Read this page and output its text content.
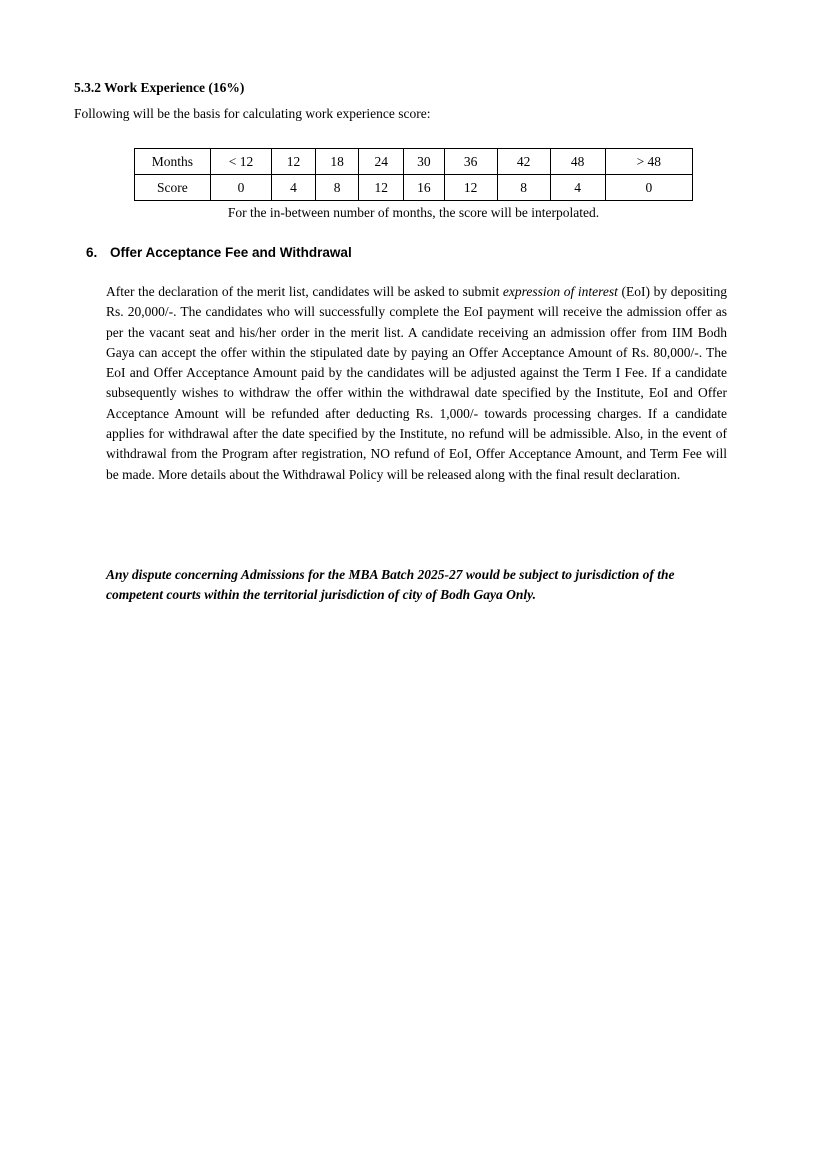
5.3.2 Work Experience (16%)
Following will be the basis for calculating work experience score:
Months	< 12	12	18	24	30	36	42	48	> 48
Score	0	4	8	12	16	12	8	4	0
For the in-between number of months, the score will be interpolated.
6. Offer Acceptance Fee and Withdrawal
After the declaration of the merit list, candidates will be asked to submit expression of interest (EoI) by depositing Rs. 20,000/-. The candidates who will successfully complete the EoI payment will receive the admission offer as per the vacant seat and his/her order in the merit list. A candidate receiving an admission offer from IIM Bodh Gaya can accept the offer within the stipulated date by paying an Offer Acceptance Amount of Rs. 80,000/-. The EoI and Offer Acceptance Amount paid by the candidates will be adjusted against the Term I Fee. If a candidate subsequently wishes to withdraw the offer within the withdrawal date specified by the Institute, EoI and Offer Acceptance Amount will be refunded after deducting Rs. 1,000/- towards processing charges. If a candidate applies for withdrawal after the date specified by the Institute, no refund will be admissible. Also, in the event of withdrawal from the Program after registration, NO refund of EoI, Offer Acceptance Amount, and Term Fee will be made. More details about the Withdrawal Policy will be released along with the final result declaration.
Any dispute concerning Admissions for the MBA Batch 2025-27 would be subject to jurisdiction of the competent courts within the territorial jurisdiction of city of Bodh Gaya Only.
